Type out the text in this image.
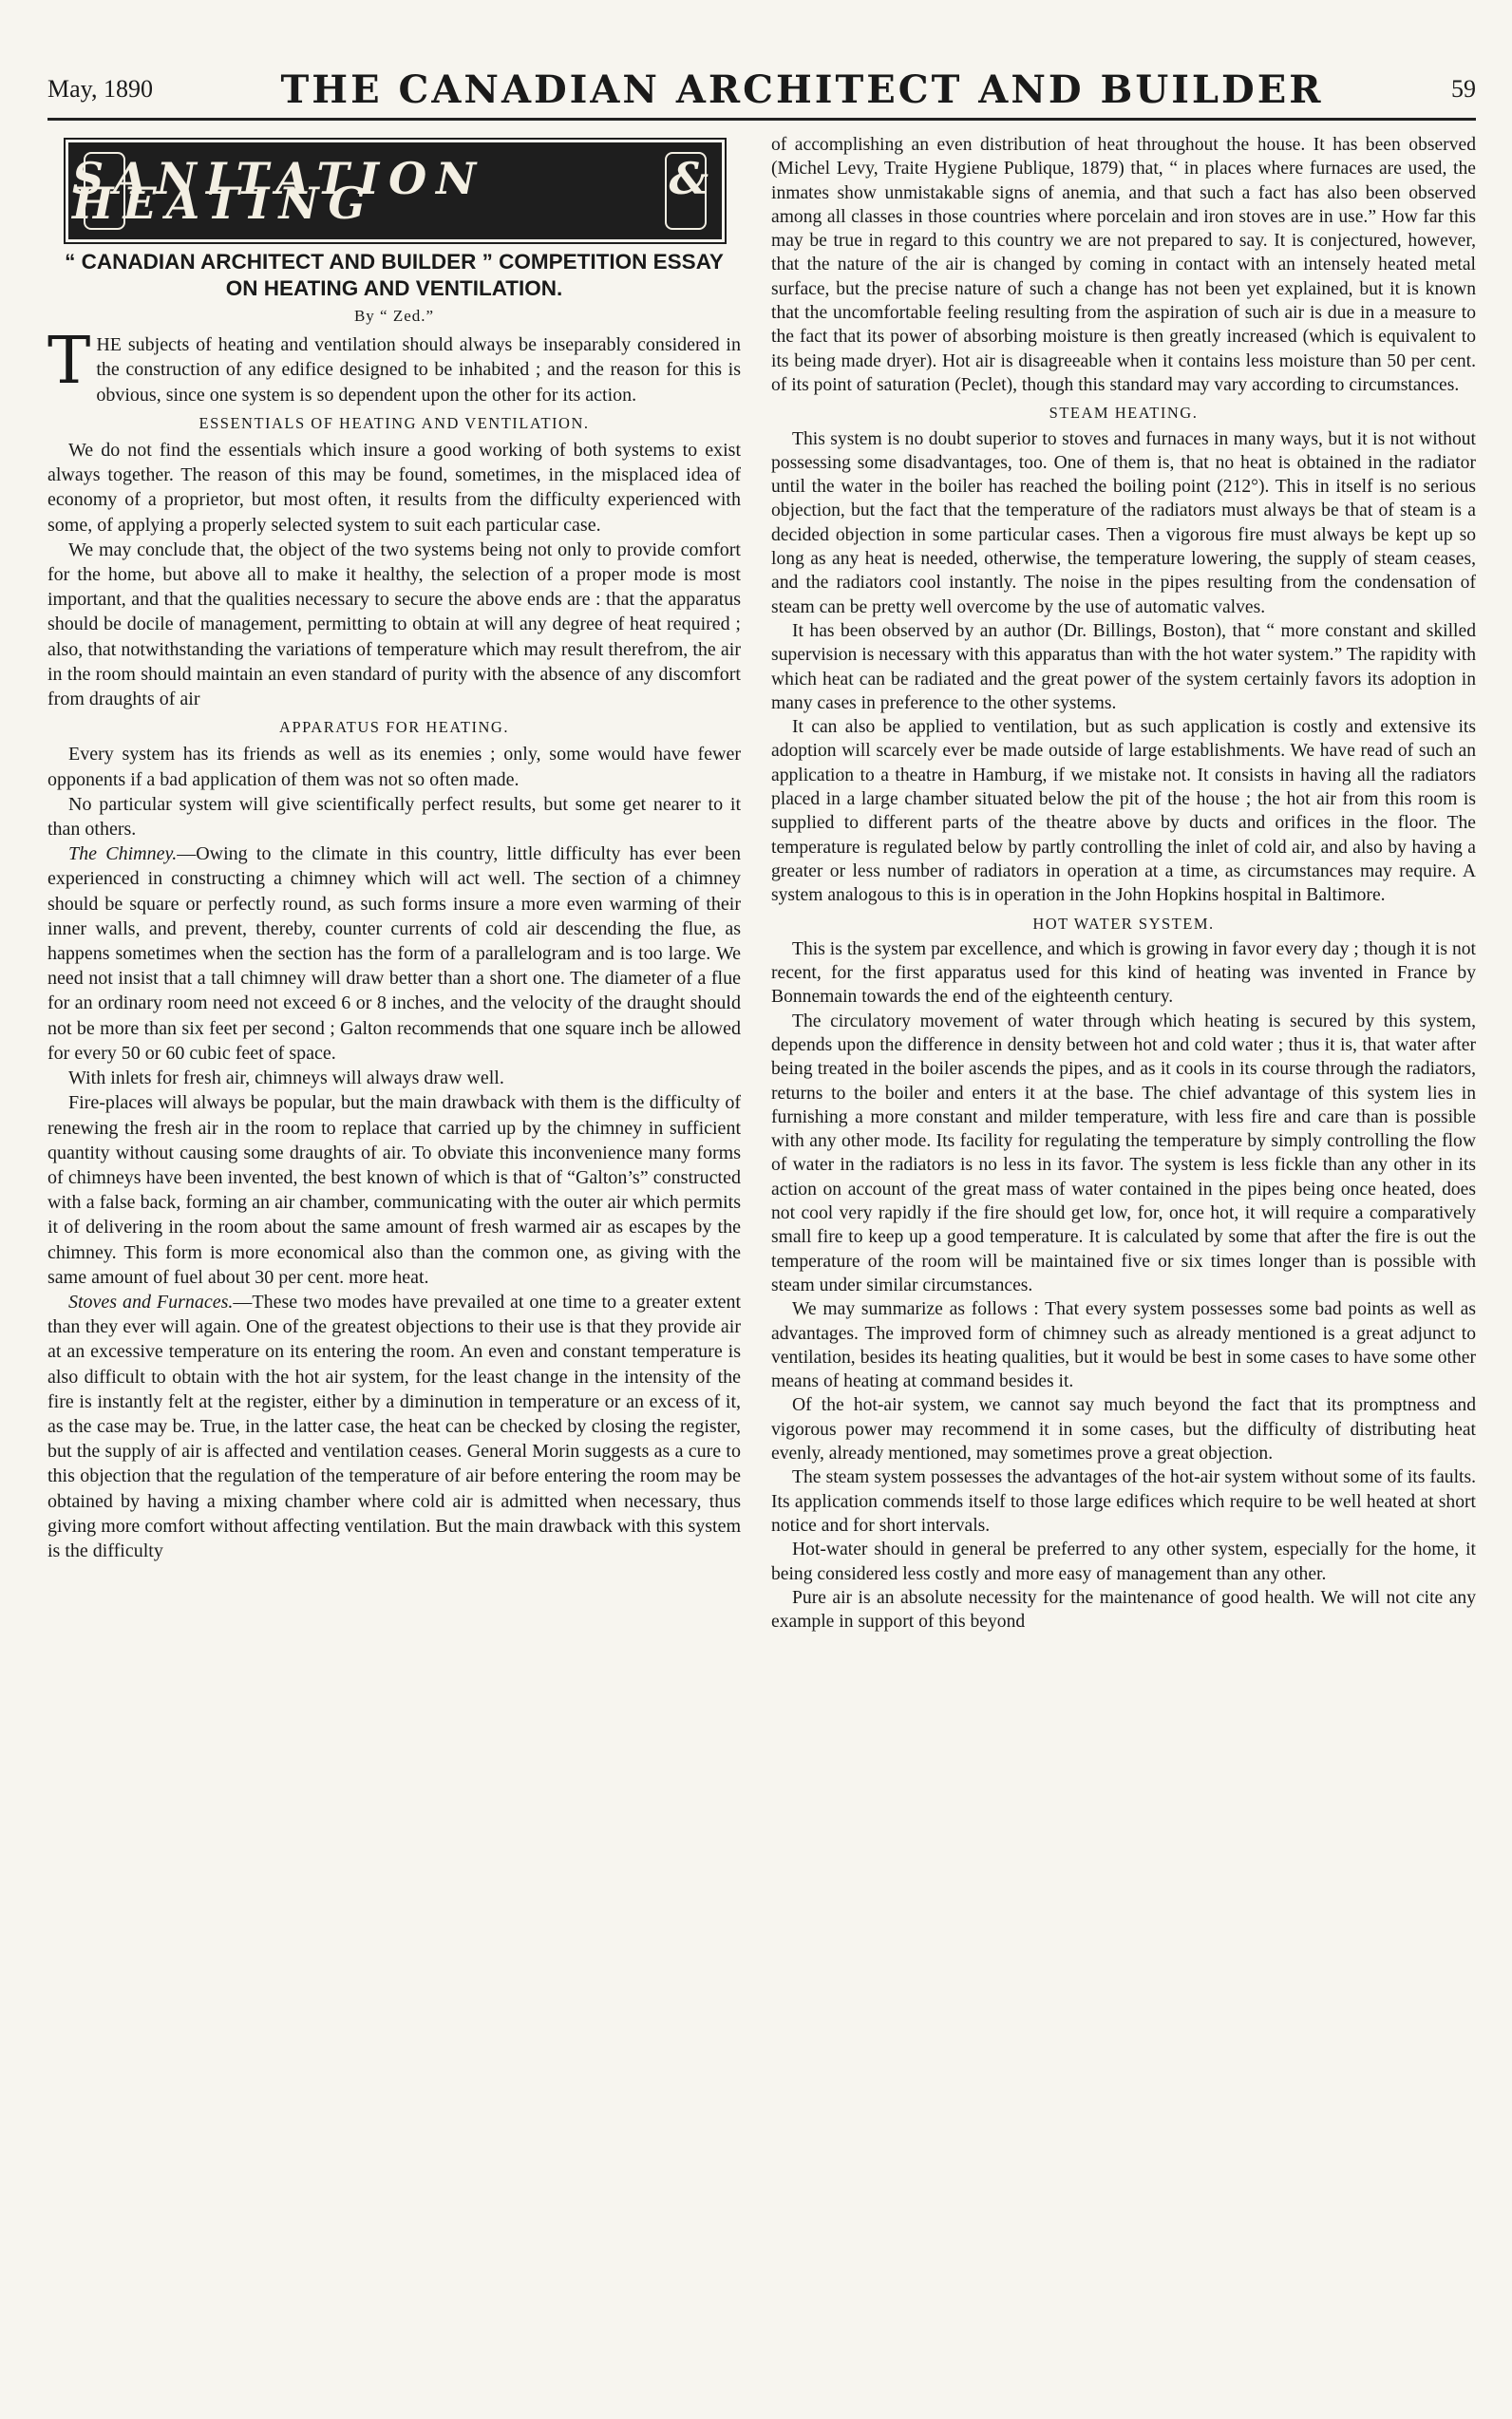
May, 1890	THE CANADIAN ARCHITECT AND BUILDER	59
SANITATION & HEATING
“ CANADIAN ARCHITECT AND BUILDER ” COMPETITION ESSAY ON HEATING AND VENTILATION.
By “ Zed.”

THE subjects of heating and ventilation should always be inseparably considered in the construction of any edifice designed to be inhabited ; and the reason for this is obvious, since one system is so dependent upon the other for its action.

ESSENTIALS OF HEATING AND VENTILATION.

We do not find the essentials which insure a good working of both systems to exist always together. The reason of this may be found, sometimes, in the misplaced idea of economy of a proprietor, but most often, it results from the difficulty experienced with some, of applying a properly selected system to suit each particular case.

We may conclude that, the object of the two systems being not only to provide comfort for the home, but above all to make it healthy, the selection of a proper mode is most important, and that the qualities necessary to secure the above ends are : that the apparatus should be docile of management, permitting to obtain at will any degree of heat required ; also, that notwithstanding the variations of temperature which may result therefrom, the air in the room should maintain an even standard of purity with the absence of any discomfort from draughts of air

APPARATUS FOR HEATING.

Every system has its friends as well as its enemies ; only, some would have fewer opponents if a bad application of them was not so often made.

No particular system will give scientifically perfect results, but some get nearer to it than others.

The Chimney.—Owing to the climate in this country, little difficulty has ever been experienced in constructing a chimney which will act well. The section of a chimney should be square or perfectly round, as such forms insure a more even warming of their inner walls, and prevent, thereby, counter currents of cold air descending the flue, as happens sometimes when the section has the form of a parallelogram and is too large. We need not insist that a tall chimney will draw better than a short one. The diameter of a flue for an ordinary room need not exceed 6 or 8 inches, and the velocity of the draught should not be more than six feet per second ; Galton recommends that one square inch be allowed for every 50 or 60 cubic feet of space.

With inlets for fresh air, chimneys will always draw well.

Fire-places will always be popular, but the main drawback with them is the difficulty of renewing the fresh air in the room to replace that carried up by the chimney in sufficient quantity without causing some draughts of air. To obviate this inconvenience many forms of chimneys have been invented, the best known of which is that of “Galton’s” constructed with a false back, forming an air chamber, communicating with the outer air which permits it of delivering in the room about the same amount of fresh warmed air as escapes by the chimney. This form is more economical also than the common one, as giving with the same amount of fuel about 30 per cent. more heat.

Stoves and Furnaces.—These two modes have prevailed at one time to a greater extent than they ever will again. One of the greatest objections to their use is that they provide air at an excessive temperature on its entering the room. An even and constant temperature is also difficult to obtain with the hot air system, for the least change in the intensity of the fire is instantly felt at the register, either by a diminution in temperature or an excess of it, as the case may be. True, in the latter case, the heat can be checked by closing the register, but the supply of air is affected and ventilation ceases. General Morin suggests as a cure to this objection that the regulation of the temperature of air before entering the room may be obtained by having a mixing chamber where cold air is admitted when necessary, thus giving more comfort without affecting ventilation. But the main drawback with this system is the difficulty

of accomplishing an even distribution of heat throughout the house. It has been observed (Michel Levy, Traite Hygiene Publique, 1879) that, “ in places where furnaces are used, the inmates show unmistakable signs of anemia, and that such a fact has also been observed among all classes in those countries where porcelain and iron stoves are in use.” How far this may be true in regard to this country we are not prepared to say. It is conjectured, however, that the nature of the air is changed by coming in contact with an intensely heated metal surface, but the precise nature of such a change has not been yet explained, but it is known that the uncomfortable feeling resulting from the aspiration of such air is due in a measure to the fact that its power of absorbing moisture is then greatly increased (which is equivalent to its being made dryer). Hot air is disagreeable when it contains less moisture than 50 per cent. of its point of saturation (Peclet), though this standard may vary according to circumstances.

STEAM HEATING.

This system is no doubt superior to stoves and furnaces in many ways, but it is not without possessing some disadvantages, too. One of them is, that no heat is obtained in the radiator until the water in the boiler has reached the boiling point (212°). This in itself is no serious objection, but the fact that the temperature of the radiators must always be that of steam is a decided objection in some particular cases. Then a vigorous fire must always be kept up so long as any heat is needed, otherwise, the temperature lowering, the supply of steam ceases, and the radiators cool instantly. The noise in the pipes resulting from the condensation of steam can be pretty well overcome by the use of automatic valves.

It has been observed by an author (Dr. Billings, Boston), that “ more constant and skilled supervision is necessary with this apparatus than with the hot water system.” The rapidity with which heat can be radiated and the great power of the system certainly favors its adoption in many cases in preference to the other systems.

It can also be applied to ventilation, but as such application is costly and extensive its adoption will scarcely ever be made outside of large establishments. We have read of such an application to a theatre in Hamburg, if we mistake not. It consists in having all the radiators placed in a large chamber situated below the pit of the house ; the hot air from this room is supplied to different parts of the theatre above by ducts and orifices in the floor. The temperature is regulated below by partly controlling the inlet of cold air, and also by having a greater or less number of radiators in operation at a time, as circumstances may require. A system analogous to this is in operation in the John Hopkins hospital in Baltimore.

HOT WATER SYSTEM.

This is the system par excellence, and which is growing in favor every day ; though it is not recent, for the first apparatus used for this kind of heating was invented in France by Bonnemain towards the end of the eighteenth century.

The circulatory movement of water through which heating is secured by this system, depends upon the difference in density between hot and cold water ; thus it is, that water after being treated in the boiler ascends the pipes, and as it cools in its course through the radiators, returns to the boiler and enters it at the base. The chief advantage of this system lies in furnishing a more constant and milder temperature, with less fire and care than is possible with any other mode. Its facility for regulating the temperature by simply controlling the flow of water in the radiators is no less in its favor. The system is less fickle than any other in its action on account of the great mass of water contained in the pipes being once heated, does not cool very rapidly if the fire should get low, for, once hot, it will require a comparatively small fire to keep up a good temperature. It is calculated by some that after the fire is out the temperature of the room will be maintained five or six times longer than is possible with steam under similar circumstances.

We may summarize as follows : That every system possesses some bad points as well as advantages. The improved form of chimney such as already mentioned is a great adjunct to ventilation, besides its heating qualities, but it would be best in some cases to have some other means of heating at command besides it.

Of the hot-air system, we cannot say much beyond the fact that its promptness and vigorous power may recommend it in some cases, but the difficulty of distributing heat evenly, already mentioned, may sometimes prove a great objection.

The steam system possesses the advantages of the hot-air system without some of its faults. Its application commends itself to those large edifices which require to be well heated at short notice and for short intervals.

Hot-water should in general be preferred to any other system, especially for the home, it being considered less costly and more easy of management than any other.

Pure air is an absolute necessity for the maintenance of good health. We will not cite any example in support of this beyond
